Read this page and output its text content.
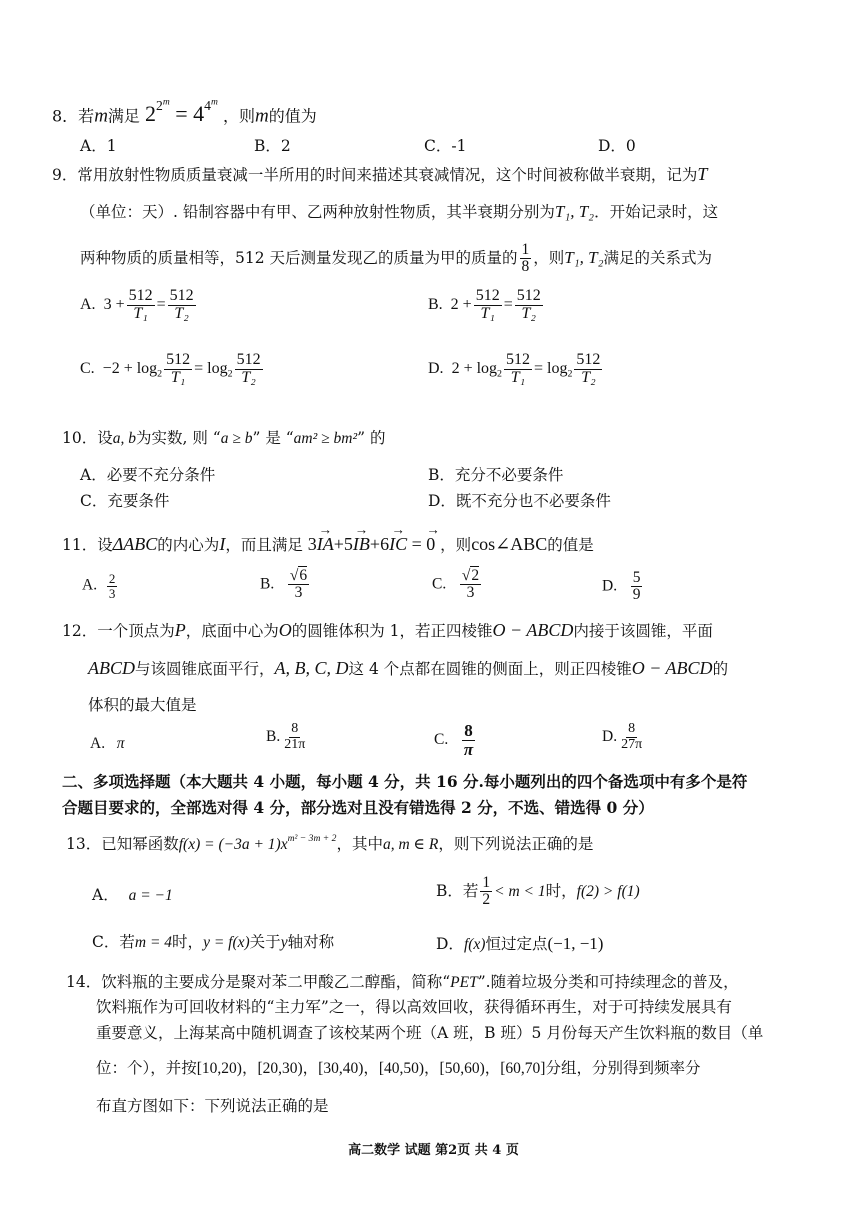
8．若m满足 $2^{2^m} = 4^{4^m}$ ，则m的值为
A．1	B．2	C．-1	D．0
9．常用放射性物质质量衰减一半所用的时间来描述其衰减情况，这个时间被称做半衰期，记为T
（单位：天）. 铅制容器中有甲、乙两种放射性物质，其半衰期分别为T₁, T₂．开始记录时，这
两种物质的质量相等，512 天后测量发现乙的质量为甲的质量的 $\frac{1}{8}$ ，则T₁, T₂满足的关系式为
A. $3 + \frac{512}{\text{T₁}} = \frac{512}{\text{T₂}}$	B. $2 + \frac{512}{\text{T₁}} = \frac{512}{\text{T₂}}$
C. $-2 + \log_2 \frac{512}{\text{T₁}} = \log_2 \frac{512}{\text{T₂}}$	D. $2 + \log_2 \frac{512}{\text{T₁}} = \log_2 \frac{512}{\text{T₂}}$
10．设a, b为实数, 则 “a ≥ b” 是 “am² ≥ bm²” 的
A．必要不充分条件	B．充分不必要条件
C．充要条件	D．既不充分也不必要条件
11．设ΔABC的内心为I，而且满足 3→ IA+5→ IB+6→ IC = → 0 ，则cos∠ABC的值是
A. $\frac{2}{3}$	B. $\frac{√6}{3}$	C. $\frac{√2}{3}$	D. $\frac{5}{9}$
12．一个顶点为P，底面中心为O的圆锥体积为 1，若正四棱锥O − ABCD内接于该圆锥，平面
ABCD与该圆锥底面平行，A, B, C, D这 4 个点都在圆锥的侧面上，则正四棱锥O − ABCD的
体积的最大值是
A. π	B. $\frac{8}{21\pi}$	C. $\frac{8}{\pi}$	D. $\frac{8}{27\pi}$
二、多项选择题（本大题共 4 小题，每小题 4 分，共 16 分.每小题列出的四个备选项中有多个是符
合题目要求的，全部选对得 4 分，部分选对且没有错选得 2 分，不选、错选得 0 分）
13．已知幂函数$f(x) = (-3a + 1)x^{m^2 - 3m + 2}$，其中a, m ∈ R，则下列说法正确的是
A． a = −1	B．若 $\frac{1}{2} < m < 1$时，f(2) > f(1)
C．若m = 4时，y = f(x)关于y轴对称	D．f(x)恒过定点(−1, −1)
14．饮料瓶的主要成分是聚对苯二甲酸乙二醇酯，简称“PET”.随着垃圾分类和可持续理念的普及，
饮料瓶作为可回收材料的“主力军”之一，得以高效回收，获得循环再生，对于可持续发展具有
重要意义，上海某高中随机调查了该校某两个班（A 班，B 班）5 月份每天产生饮料瓶的数目（单
位：个），并按[10,20)，[20,30)，[30,40)，[40,50)，[50,60)，[60,70]分组，分别得到频率分
布直方图如下：下列说法正确的是
高二数学 试题 第2页 共 4 页
